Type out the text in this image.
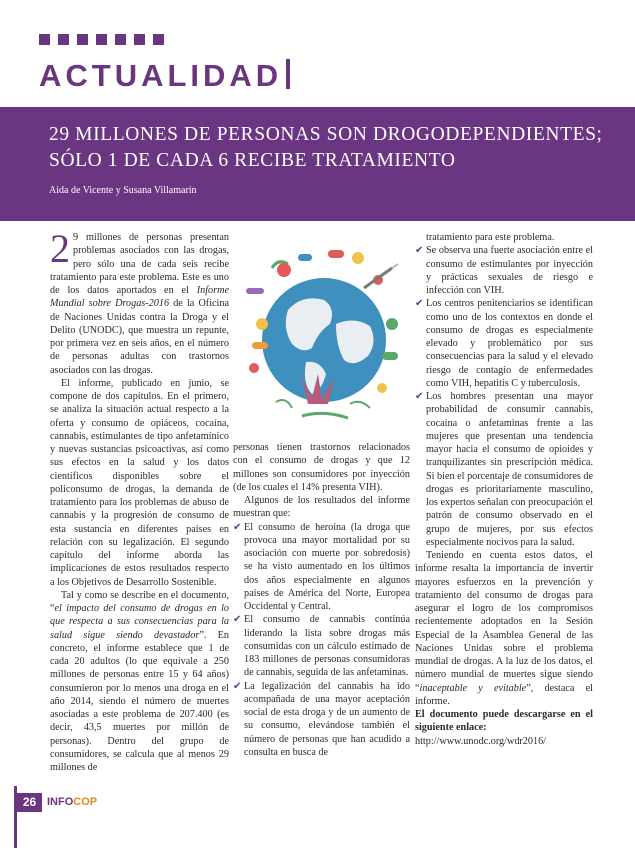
ACTUALIDAD
29 MILLONES DE PERSONAS SON DROGODEPENDIENTES;
SÓLO 1 DE CADA 6 RECIBE TRATAMIENTO
Aida de Vicente y Susana Villamarín

2 9 millones de personas presentan problemas asociados con las drogas, pero sólo una de cada seis recibe tratamiento para este problema. Este es uno de los datos aportados en el Informe Mundial sobre Drogas-2016 de la Oficina de Naciones Unidas contra la Droga y el Delito (UNODC), que muestra un repunte, por primera vez en seis años, en el número de personas adultas con trastornos asociados con las drogas.

El informe, publicado en junio, se compone de dos capítulos. En el primero, se analiza la situación actual respecto a la oferta y consumo de opiáceos, cocaína, cannabis, estimulantes de tipo anfetamínico y nuevas sustancias psicoactivas, así como sus efectos en la salud y los datos científicos disponibles sobre el policonsumo de drogas, la demanda de tratamiento para los problemas de abuso de cannabis y la progresión de consumo de esta sustancia en diferentes países en relación con su legalización. El segundo capítulo del informe aborda las implicaciones de estos resultados respecto a los Objetivos de Desarrollo Sostenible.

Tal y como se describe en el documento, “el impacto del consumo de drogas en lo que respecta a sus consecuencias para la salud sigue siendo devastador”. En concreto, el informe establece que 1 de cada 20 adultos (lo que equivale a 250 millones de personas entre 15 y 64 años) consumieron por lo menos una droga en el año 2014, siendo el número de muertes asociadas a este problema de 207.400 (es decir, 43,5 muertes por millón de personas). Dentro del grupo de consumidores, se calcula que al menos 29 millones de

personas tienen trastornos relacionados con el consumo de drogas y que 12 millones son consumidores por inyección (de los cuales el 14% presenta VIH).

Algunos de los resultados del informe muestran que:

✔ El consumo de heroína (la droga que provoca una mayor mortalidad por su asociación con muerte por sobredosis) se ha visto aumentado en los últimos dos años especialmente en algunos países de América del Norte, Europea Occidental y Central.
✔ El consumo de cannabis continúa liderando la lista sobre drogas más consumidas con un cálculo estimado de 183 millones de personas consumidoras de cannabis, seguida de las anfetaminas.
✔ La legalización del cannabis ha ido acompañada de una mayor aceptación social de esta droga y de un aumento de su consumo, elevándose también el número de personas que han acudido a consulta en busca de

tratamiento para este problema.

✔ Se observa una fuerte asociación entre el consumo de estimulantes por inyección y prácticas sexuales de riesgo e infección con VIH.
✔ Los centros penitenciarios se identifican como uno de los contextos en donde el consumo de drogas es especialmente elevado y problemático por sus consecuencias para la salud y el elevado riesgo de contagio de enfermedades como VIH, hepatitis C y tuberculosis.
✔ Los hombres presentan una mayor probabilidad de consumir cannabis, cocaína o anfetaminas frente a las mujeres que presentan una tendencia mayor hacia el consumo de opioides y tranquilizantes sin prescripción médica. Si bien el porcentaje de consumidores de drogas es prioritariamente masculino, los expertos señalan con preocupación el patrón de consumo observado en el grupo de mujeres, por sus efectos especialmente nocivos para la salud.

Teniendo en cuenta estos datos, el informe resalta la importancia de invertir mayores esfuerzos en la prevención y tratamiento del consumo de drogas para asegurar el logro de los compromisos recientemente adoptados en la Sesión Especial de la Asamblea General de las Naciones Unidas sobre el problema mundial de drogas. A la luz de los datos, el número mundial de muertes sigue siendo “inaceptable y evitable”, destaca el informe.

El documento puede descargarse en el siguiente enlace:

http://www.unodc.org/wdr2016/

26 INFOCOP
